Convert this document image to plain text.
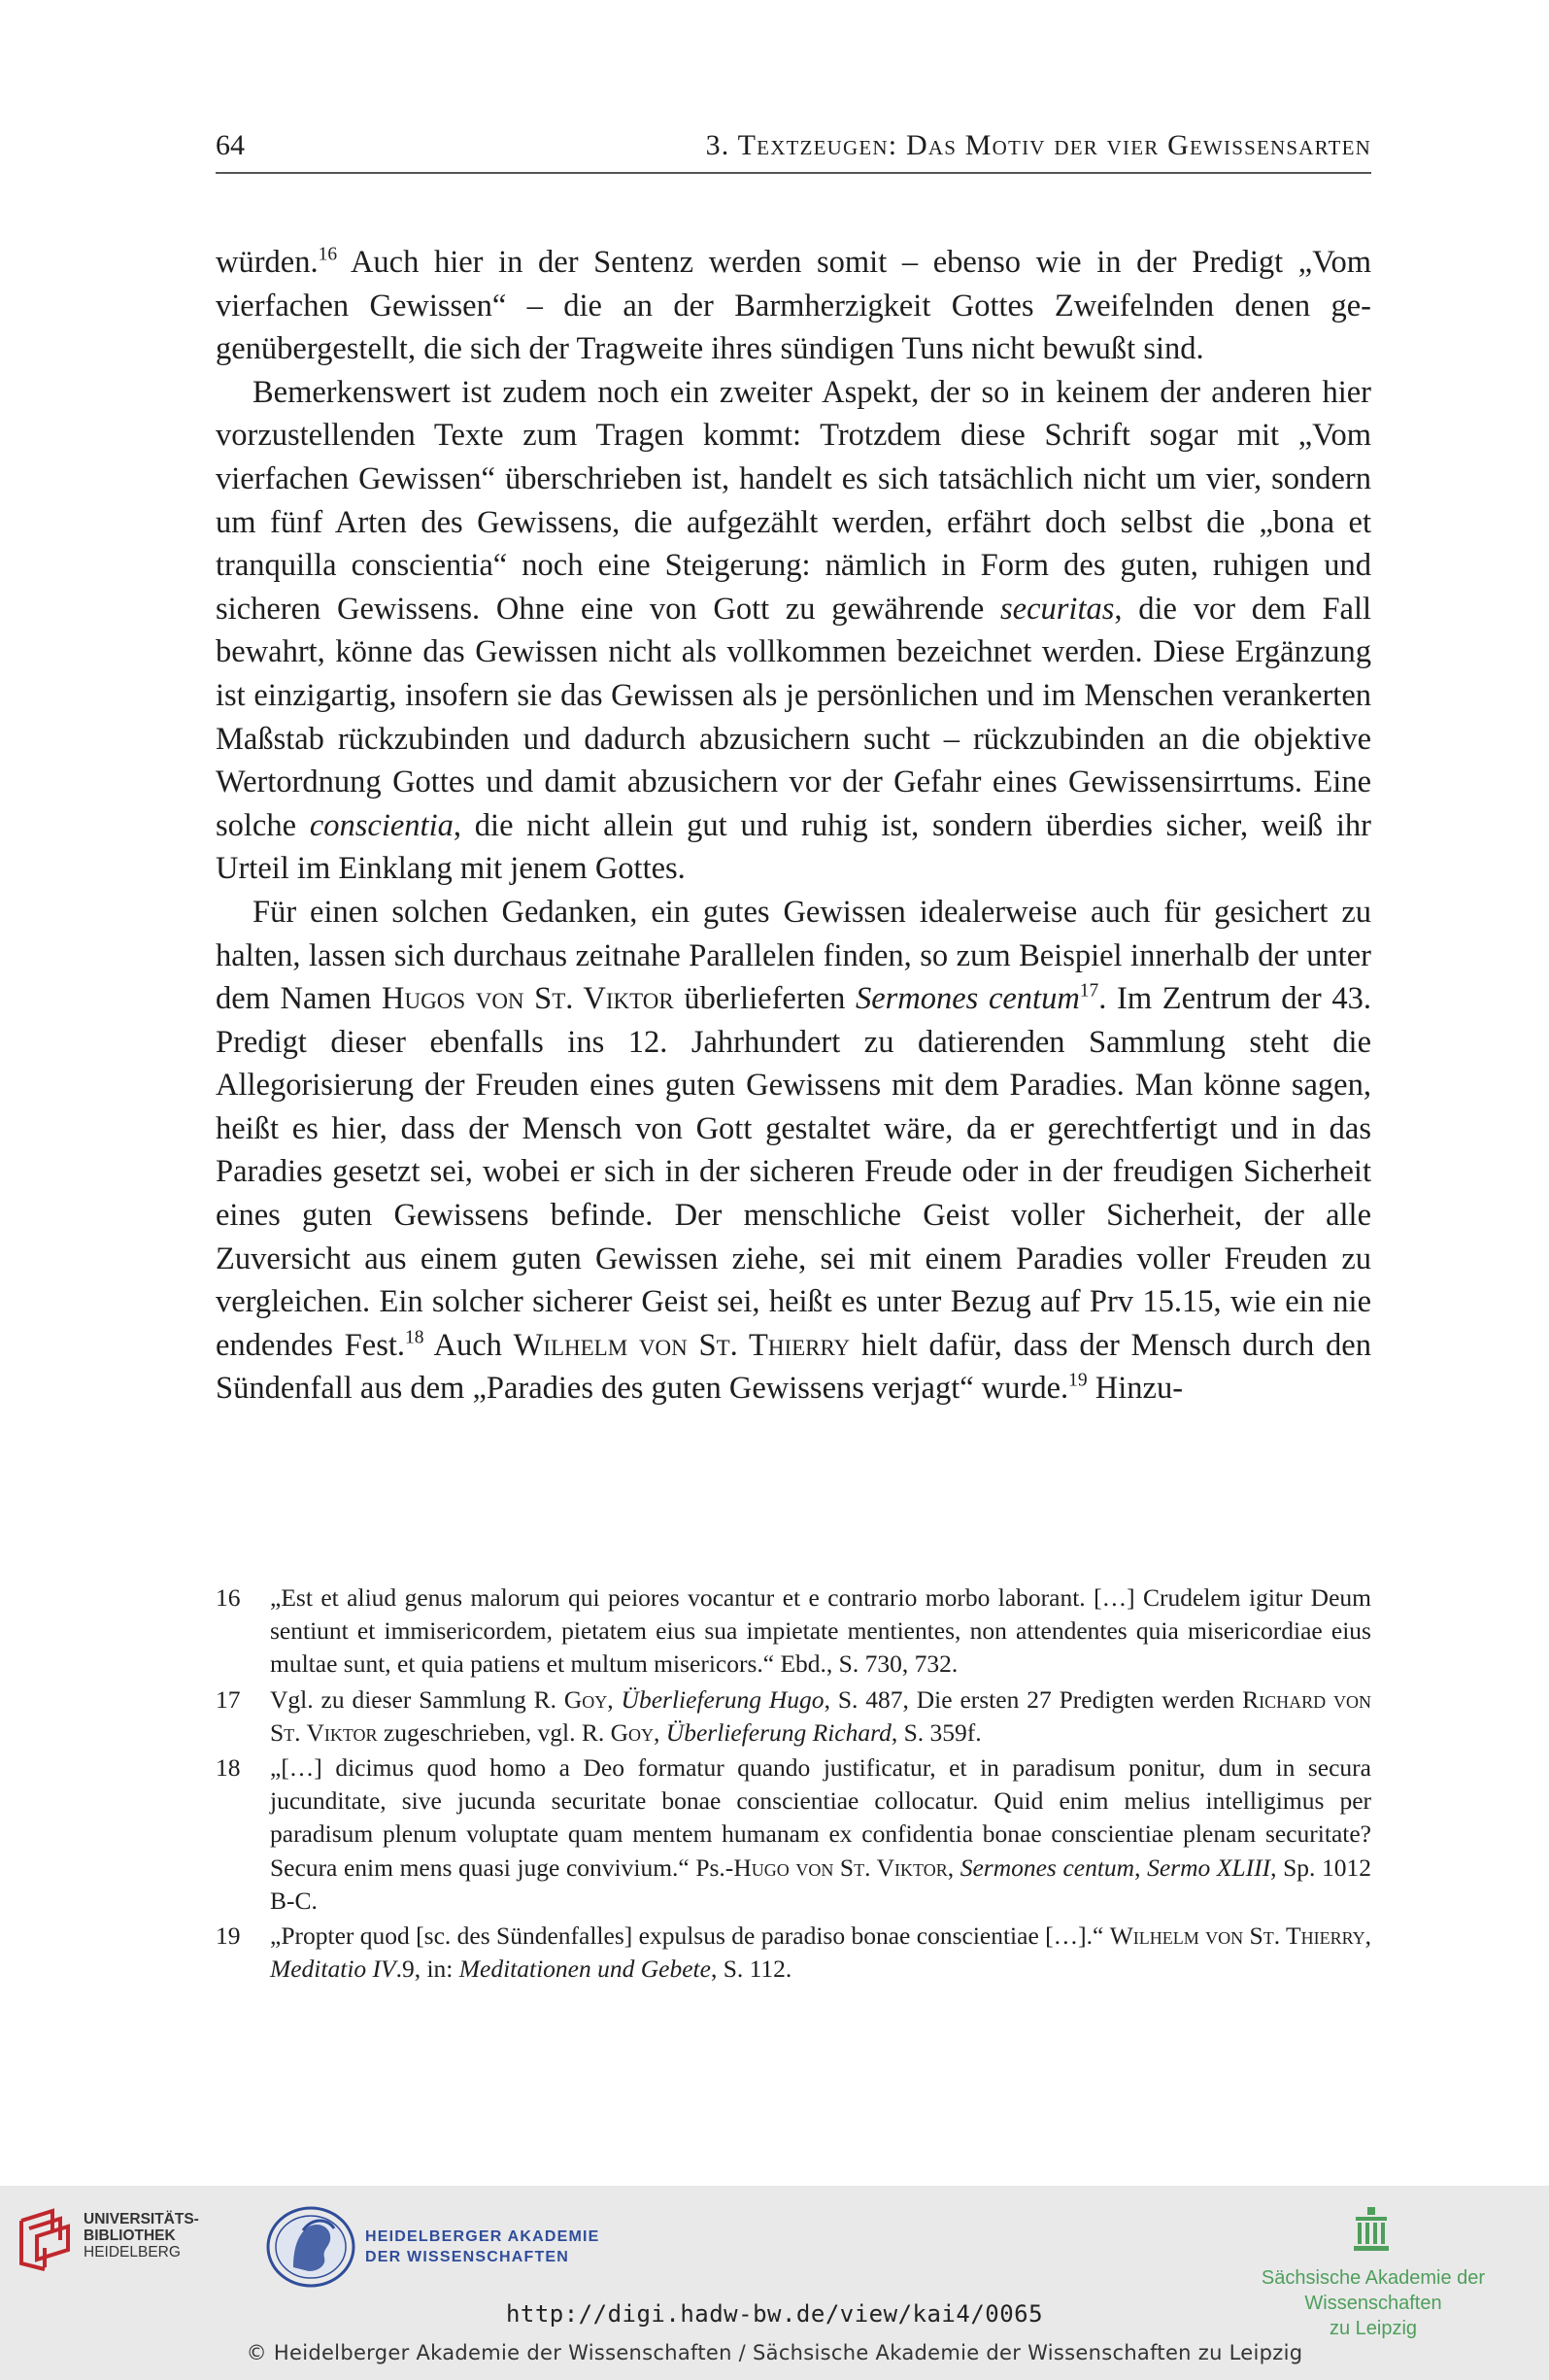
64	3. Textzeugen: Das Motiv der vier Gewissensarten

würden.$^{16}$ Auch hier in der Sentenz werden somit – ebenso wie in der Predigt „Vom vierfachen Gewissen“ – die an der Barmherzigkeit Gottes Zweifelnden denen gegenübergestellt, die sich der Tragweite ihres sündigen Tuns nicht bewußt sind.

Bemerkenswert ist zudem noch ein zweiter Aspekt, der so in keinem der anderen hier vorzustellenden Texte zum Tragen kommt: Trotzdem diese Schrift sogar mit „Vom vierfachen Gewissen“ überschrieben ist, handelt es sich tatsächlich nicht um vier, sondern um fünf Arten des Gewissens, die aufgezählt werden, erfährt doch selbst die „bona et tranquilla conscientia“ noch eine Steigerung: nämlich in Form des guten, ruhigen und sicheren Gewissens. Ohne eine von Gott zu gewährende securitas, die vor dem Fall bewahrt, könne das Gewissen nicht als vollkommen bezeichnet werden. Diese Ergänzung ist einzigartig, insofern sie das Gewissen als je persönlichen und im Menschen verankerten Maßstab rückzubinden und dadurch abzusichern sucht – rückzubinden an die objektive Wertordnung Gottes und damit abzusichern vor der Gefahr eines Gewissensirrtums. Eine solche conscientia, die nicht allein gut und ruhig ist, sondern überdies sicher, weiß ihr Urteil im Einklang mit jenem Gottes.

Für einen solchen Gedanken, ein gutes Gewissen idealerweise auch für gesichert zu halten, lassen sich durchaus zeitnahe Parallelen finden, so zum Beispiel innerhalb der unter dem Namen Hugos von St. Viktor überlieferten Sermones centum$^{17}$. Im Zentrum der 43. Predigt dieser ebenfalls ins 12. Jahrhundert zu datierenden Sammlung steht die Allegorisierung der Freuden eines guten Gewissens mit dem Paradies. Man könne sagen, heißt es hier, dass der Mensch von Gott gestaltet wäre, da er gerechtfertigt und in das Paradies gesetzt sei, wobei er sich in der sicheren Freude oder in der freudigen Sicherheit eines guten Gewissens befinde. Der menschliche Geist voller Sicherheit, der alle Zuversicht aus einem guten Gewissen ziehe, sei mit einem Paradies voller Freuden zu vergleichen. Ein solcher sicherer Geist sei, heißt es unter Bezug auf Prv 15.15, wie ein nie endendes Fest.$^{18}$ Auch Wilhelm von St. Thierry hielt dafür, dass der Mensch durch den Sündenfall aus dem „Paradies des guten Gewissens verjagt“ wurde.$^{19}$ Hinzu-

16 „Est et aliud genus malorum qui peiores vocantur et e contrario morbo laborant. […] Crudelem igitur Deum sentiunt et immisericordem, pietatem eius sua impietate mentientes, non attendentes quia misericordiae eius multae sunt, et quia patiens et multum misericors.“ Ebd., S. 730, 732.
17 Vgl. zu dieser Sammlung R. Goy, Überlieferung Hugo, S. 487, Die ersten 27 Predigten werden Richard von St. Viktor zugeschrieben, vgl. R. Goy, Überlieferung Richard, S. 359f.
18 „[…] dicimus quod homo a Deo formatur quando justificatur, et in paradisum ponitur, dum in secura jucunditate, sive jucunda securitate bonae conscientiae collocatur. Quid enim melius intelligimus per paradisum plenum voluptate quam mentem humanam ex confidentia bonae conscientiae plenam securitate? Secura enim mens quasi juge convivium.“ Ps.-Hugo von St. Viktor, Sermones centum, Sermo XLIII, Sp. 1012 B-C.
19 „Propter quod [sc. des Sündenfalles] expulsus de paradiso bonae conscientiae […].“ Wilhelm von St. Thierry, Meditatio IV.9, in: Meditationen und Gebete, S. 112.
UNIVERSITÄTS-
BIBLIOTHEK
HEIDELBERG
HEIDELBERGER AKADEMIE
DER WISSENSCHAFTEN
Sächsische Akademie der Wissenschaften
zu Leipzig
http://digi.hadw-bw.de/view/kai4/0065
© Heidelberger Akademie der Wissenschaften / Sächsische Akademie der Wissenschaften zu Leipzig
